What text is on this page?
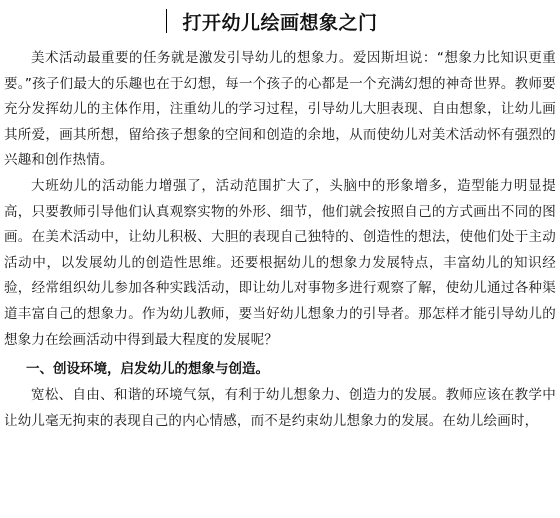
打开幼儿绘画想象之门

美术活动最重要的任务就是激发引导幼儿的想象力。爱因斯坦说：“想象力比知识更重要。”孩子们最大的乐趣也在于幻想，每一个孩子的心都是一个充满幻想的神奇世界。教师要充分发挥幼儿的主体作用，注重幼儿的学习过程，引导幼儿大胆表现、自由想象，让幼儿画其所爱，画其所想，留给孩子想象的空间和创造的余地，从而使幼儿对美术活动怀有强烈的兴趣和创作热情。

大班幼儿的活动能力增强了，活动范围扩大了，头脑中的形象增多，造型能力明显提高，只要教师引导他们认真观察实物的外形、细节，他们就会按照自己的方式画出不同的图画。在美术活动中，让幼儿积极、大胆的表现自己独特的、创造性的想法，使他们处于主动活动中，以发展幼儿的创造性思维。还要根据幼儿的想象力发展特点，丰富幼儿的知识经验，经常组织幼儿参加各种实践活动，即让幼儿对事物多进行观察了解，使幼儿通过各种渠道丰富自己的想象力。作为幼儿教师，要当好幼儿想象力的引导者。那怎样才能引导幼儿的想象力在绘画活动中得到最大程度的发展呢？

一、创设环境，启发幼儿的想象与创造。

宽松、自由、和谐的环境气氛，有利于幼儿想象力、创造力的发展。教师应该在教学中让幼儿毫无拘束的表现自己的内心情感，而不是约束幼儿想象力的发展。在幼儿绘画时，
